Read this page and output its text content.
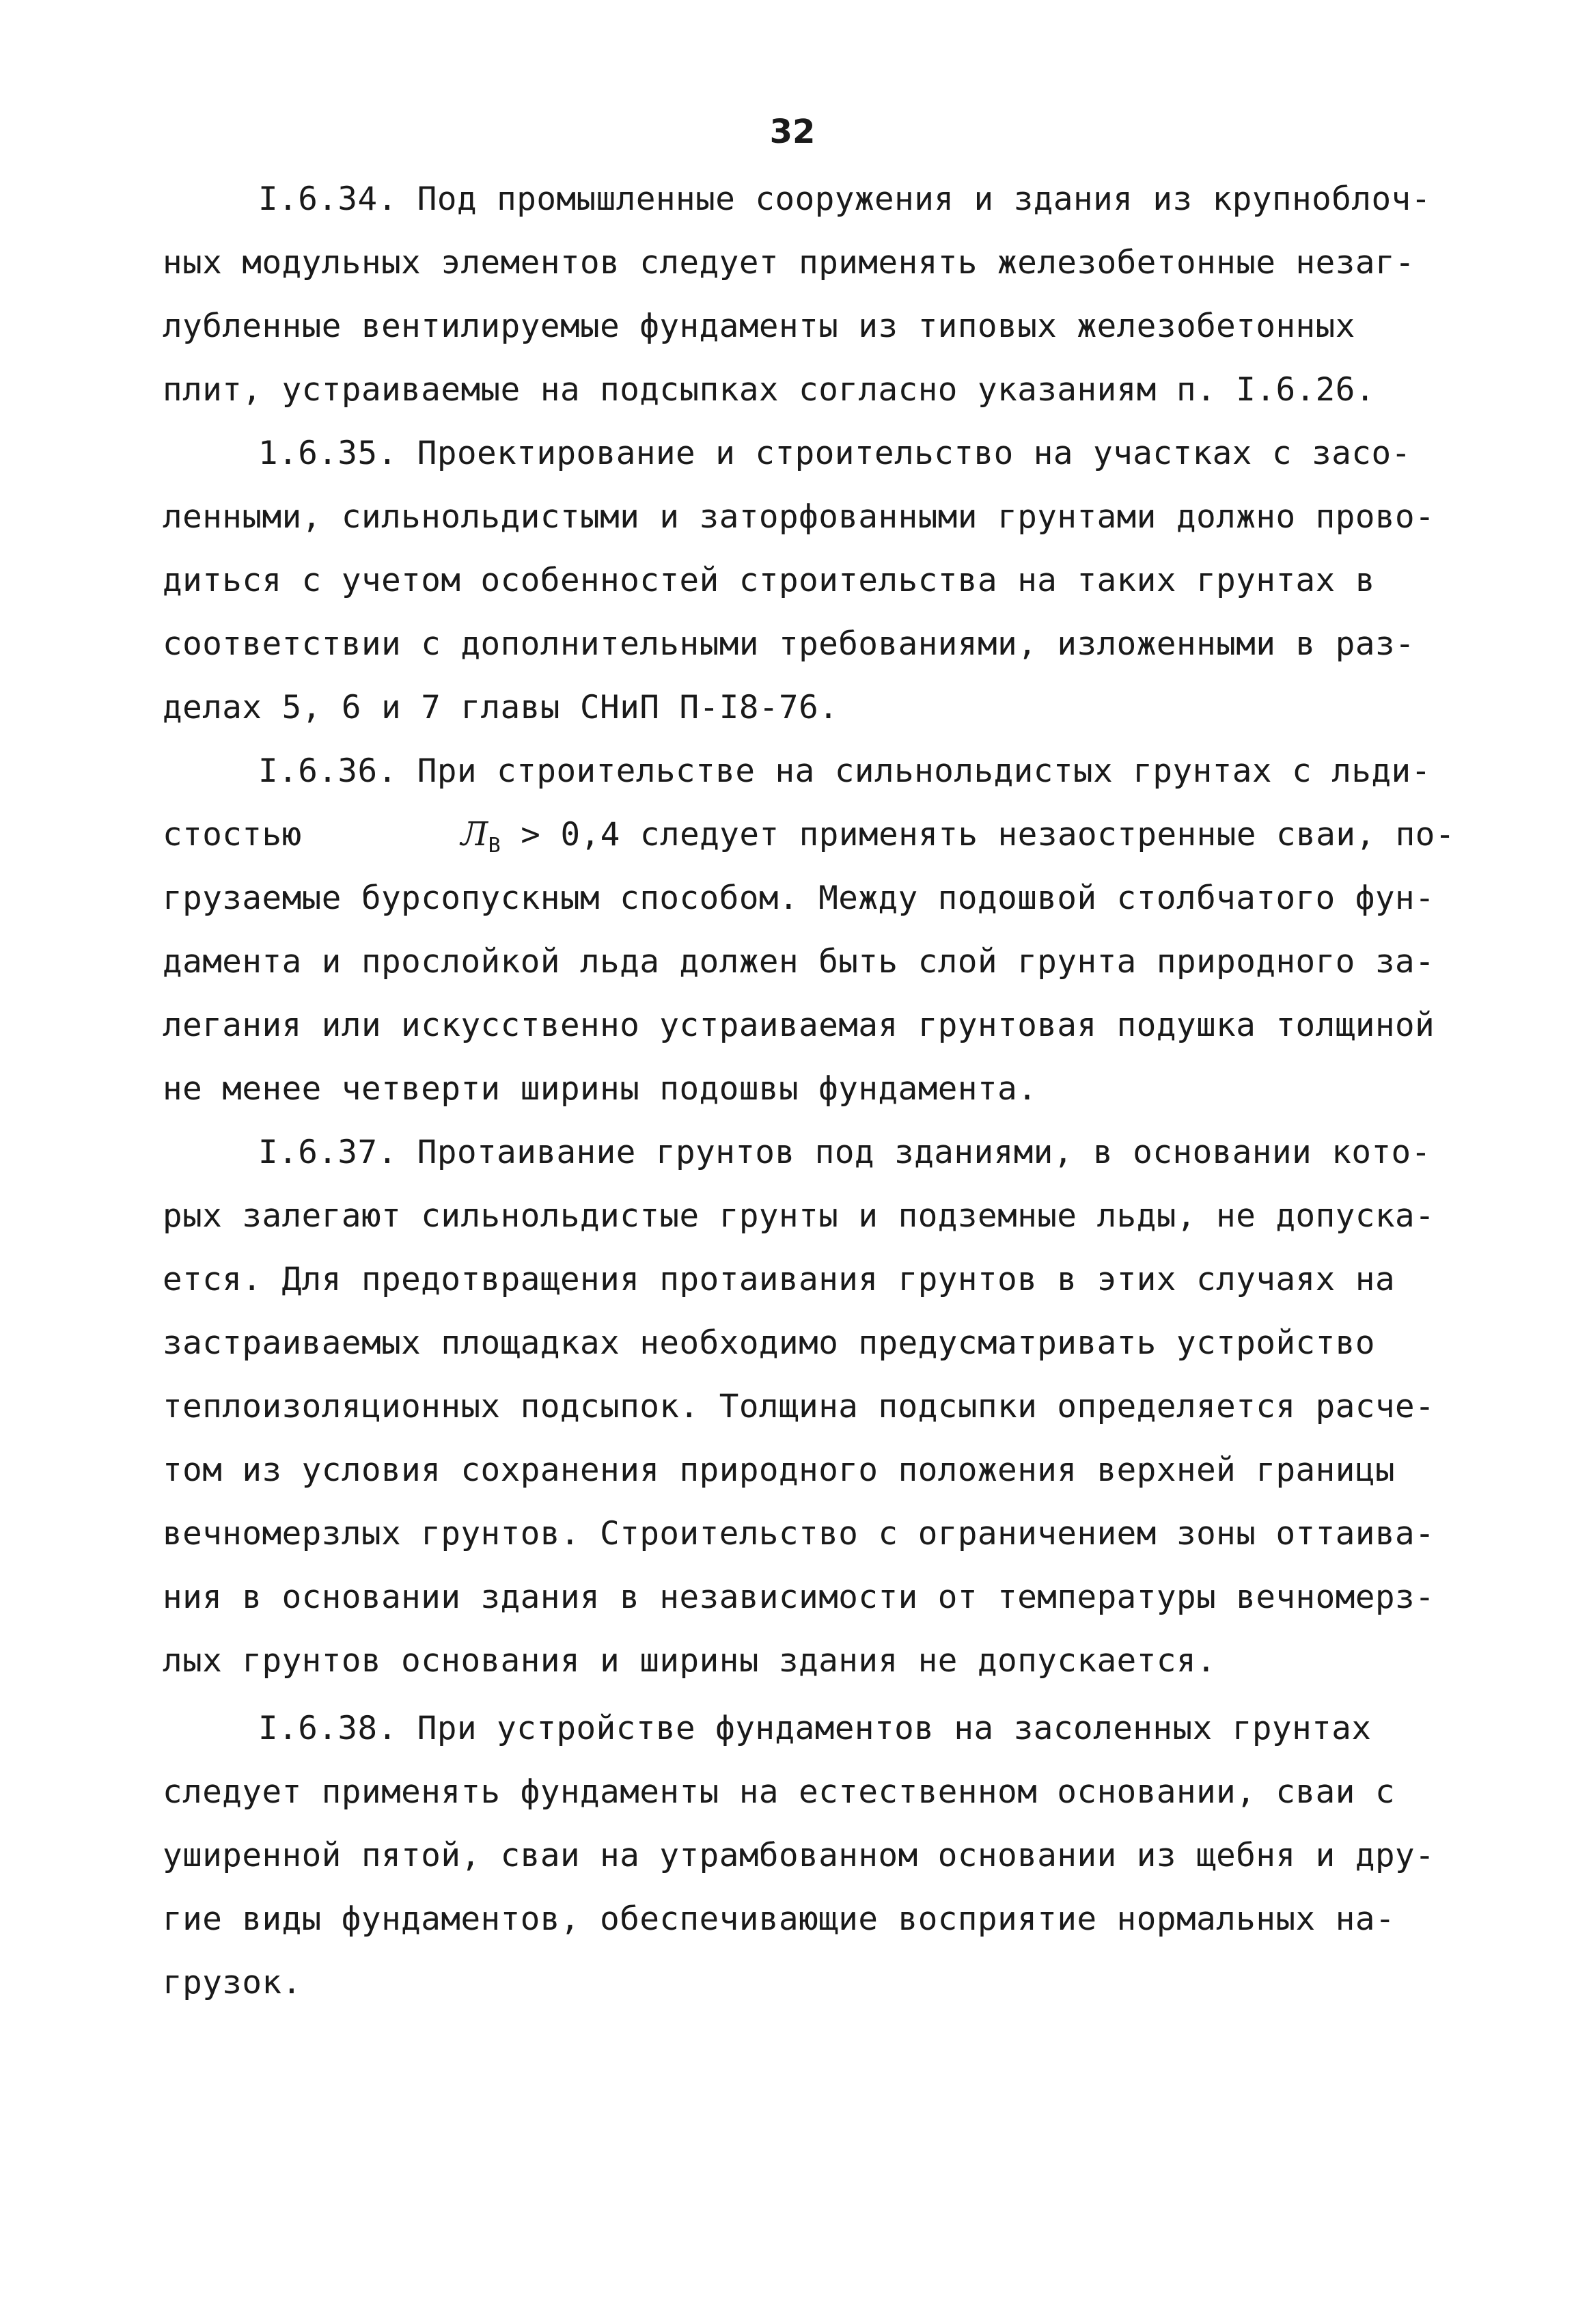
32
I.6.34. Под промышленные сооружения и здания из крупноблоч-
ных модульных элементов следует применять железобетонные незаг-
лубленные вентилируемые фундаменты из типовых железобетонных
плит, устраиваемые на подсыпках согласно указаниям п. I.6.26.
1.6.35. Проектирование и строительство на участках с засо-
ленными, сильнольдистыми и заторфованными грунтами должно прово-
диться с учетом особенностей строительства на таких грунтах в
соответствии с дополнительными требованиями, изложенными в раз-
делах 5, 6 и 7 главы СНиП П-I8-76.
I.6.36. При строительстве на сильнольдистых грунтах с льди-
стостью	$Л_В > 0,4$ следует применять незаостренные сваи, по-
грузаемые бурсопускным способом. Между подошвой столбчатого фун-
дамента и прослойкой льда должен быть слой грунта природного за-
легания или искусственно устраиваемая грунтовая подушка толщиной
не менее четверти ширины подошвы фундамента.
I.6.37. Протаивание грунтов под зданиями, в основании кото-
рых залегают сильнольдистые грунты и подземные льды, не допуска-
ется. Для предотвращения протаивания грунтов в этих случаях на
застраиваемых площадках необходимо предусматривать устройство
теплоизоляционных подсыпок. Толщина подсыпки определяется расче-
том из условия сохранения природного положения верхней границы
вечномерзлых грунтов. Строительство с ограничением зоны оттаива-
ния в основании здания в независимости от температуры вечномерз-
лых грунтов основания и ширины здания не допускается.
I.6.38. При устройстве фундаментов на засоленных грунтах
следует применять фундаменты на естественном основании, сваи с
уширенной пятой, сваи на утрамбованном основании из щебня и дру-
гие виды фундаментов, обеспечивающие восприятие нормальных на-
грузок.
